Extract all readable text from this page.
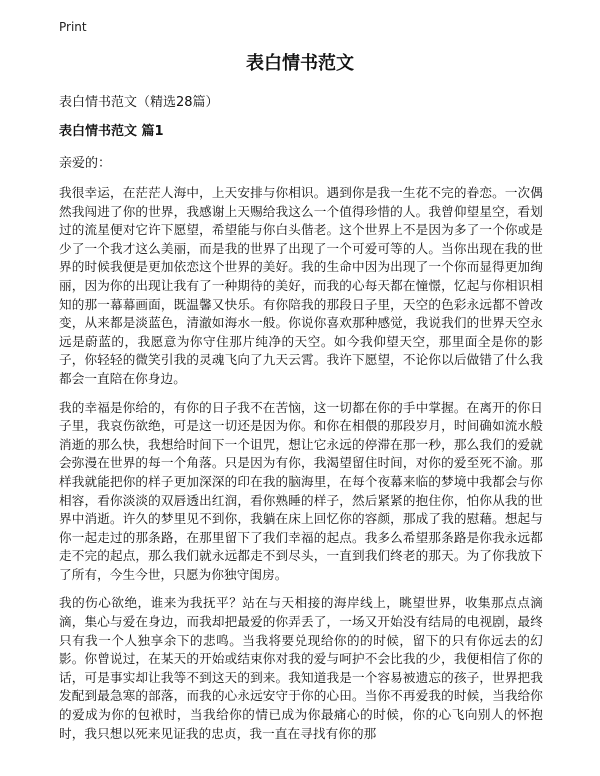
Print
表白情书范文

表白情书范文（精选28篇）

表白情书范文 篇1

亲爱的：

我很幸运，在茫茫人海中，上天安排与你相识。遇到你是我一生花不完的眷恋。一次偶然我闯进了你的世界，我感谢上天赐给我这么一个值得珍惜的人。我曾仰望星空，看划过的流星便对它许下愿望，希望能与你白头偕老。这个世界上不是因为多了一个你或是少了一个我才这么美丽，而是我的世界了出现了一个可爱可等的人。当你出现在我的世界的时候我便是更加依恋这个世界的美好。我的生命中因为出现了一个你而显得更加绚丽，因为你的出现让我有了一种期待的美好，而我的心每天都在憧憬，忆起与你相识相知的那一幕幕画面，既温馨又快乐。有你陪我的那段日子里，天空的色彩永远都不曾改变，从来都是淡蓝色，清澈如海水一般。你说你喜欢那种感觉，我说我们的世界天空永远是蔚蓝的，我愿意为你守住那片纯净的天空。如今我仰望天空，那里面全是你的影子，你轻轻的微笑引我的灵魂飞向了九天云霄。我许下愿望，不论你以后做错了什么我都会一直陪在你身边。

我的幸福是你给的，有你的日子我不在苦恼，这一切都在你的手中掌握。在离开的你日子里，我哀伤欲绝，可是这一切还是因为你。和你在相偎的那段岁月，时间确如流水般消逝的那么快，我想给时间下一个诅咒，想让它永远的停滞在那一秒，那么我们的爱就会弥漫在世界的每一个角落。只是因为有你，我渴望留住时间，对你的爱至死不渝。那样我就能把你的样子更加深深的印在我的脑海里，在每个夜幕来临的梦境中我都会与你相容，看你淡淡的双唇透出红润，看你熟睡的样子，然后紧紧的抱住你，怕你从我的世界中消逝。许久的梦里见不到你，我躺在床上回忆你的容颜，那成了我的慰藉。想起与你一起走过的那条路，在那里留下了我们幸福的起点。我多么希望那条路是你我永远都走不完的起点，那么我们就永远都走不到尽头，一直到我们终老的那天。为了你我放下了所有，今生今世，只愿为你独守闺房。

我的伤心欲绝，谁来为我抚平？站在与天相接的海岸线上，眺望世界，收集那点点滴滴，集心与爱在身边，而我却把最爱的你弄丢了，一场又开始没有结局的电视剧，最终只有我一个人独享余下的悲鸣。当我将要兑现给你的的时候，留下的只有你远去的幻影。你曾说过，在某天的开始或结束你对我的爱与呵护不会比我的少，我便相信了你的话，可是事实却让我等不到这天的到来。我知道我是一个容易被遗忘的孩子，世界把我发配到最急寒的部落，而我的心永远安守于你的心田。当你不再爱我的时候，当我给你的爱成为你的包袱时，当我给你的情已成为你最痛心的时候，你的心飞向别人的怀抱时，我只想以死来见证我的忠贞，我一直在寻找有你的那
